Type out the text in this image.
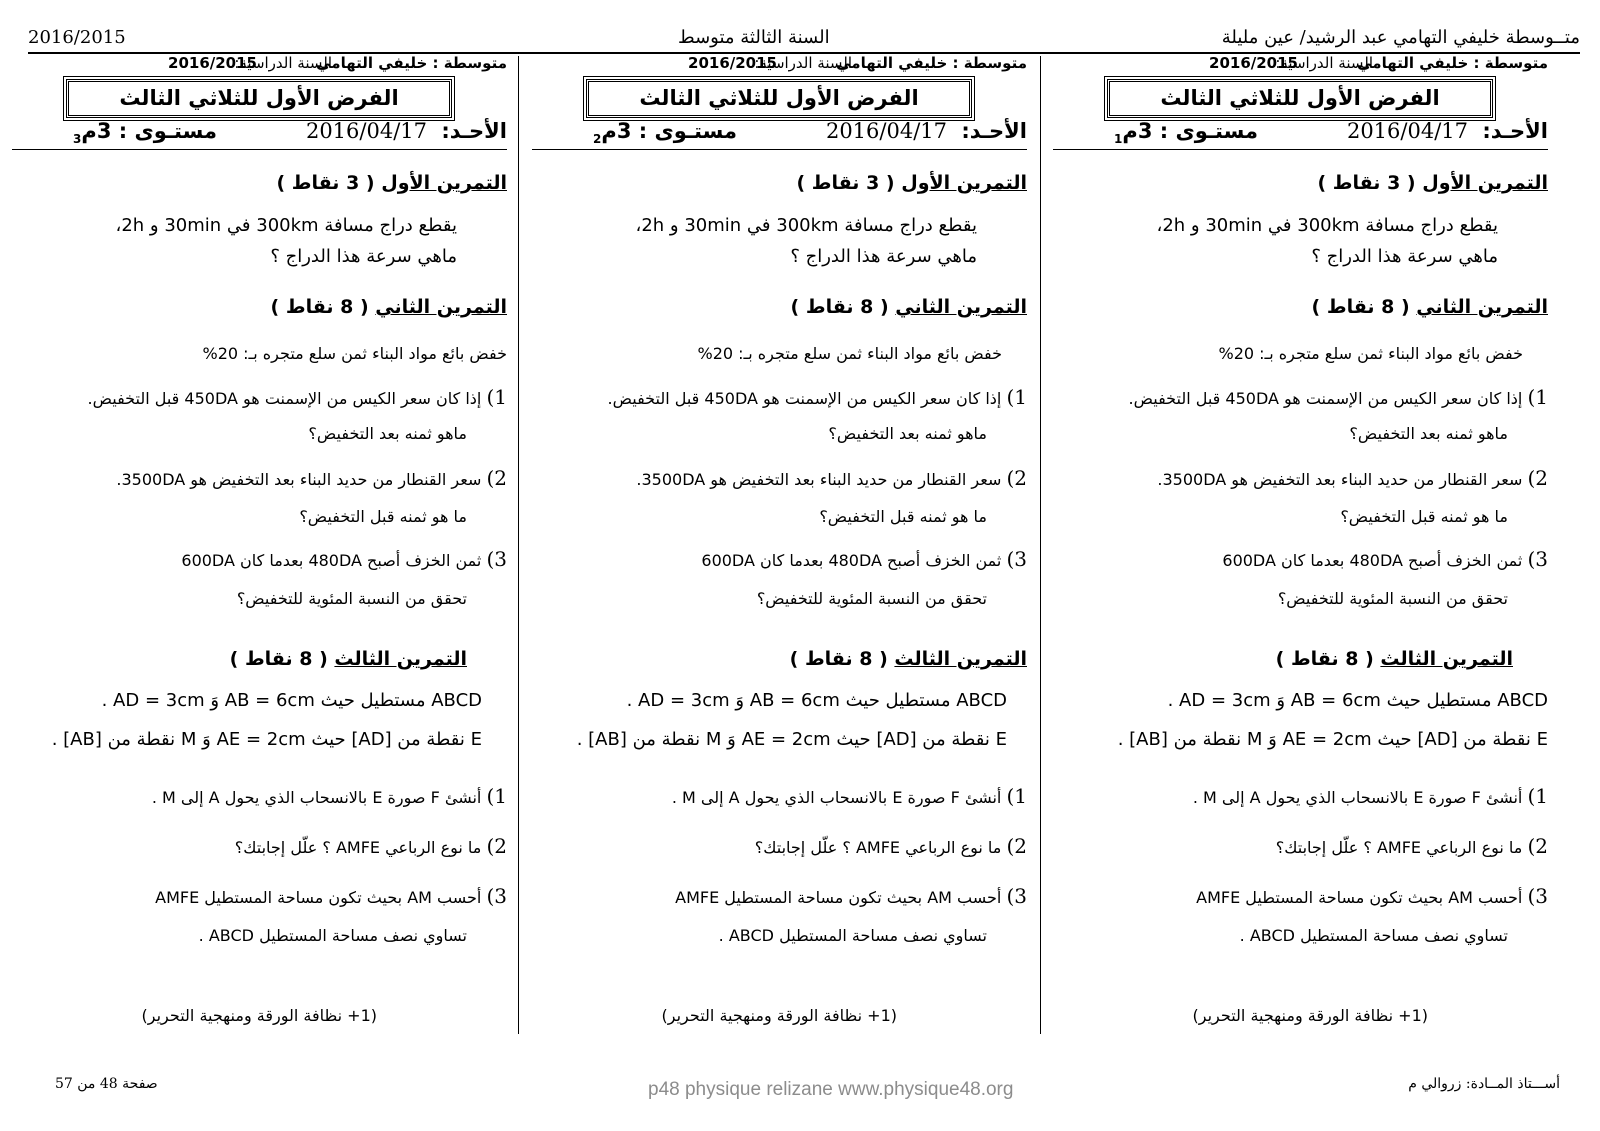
2016/2015	السنة الثالثة متوسط	متــوسطة خليفي التهامي عبد الرشيد/ عين مليلة
متوسطة : خليفي التهامي
السنة الدراسية:
2016/2015
الفرض الأول للثلاثي الثالث
الأحـد:
2016/04/17
مستـوى : 3م$_1$
التمرين الأول ( 3 نقاط )
يقطع دراج مسافة 300km في 30min و 2h،
ماهي سرعة هذا الدراج ؟
التمرين الثاني ( 8 نقاط )
خفض بائع مواد البناء ثمن سلع متجره بـ: 20%
1) إذا كان سعر الكيس من الإسمنت هو 450DA قبل التخفيض.
ماهو ثمنه بعد التخفيض؟
2) سعر القنطار من حديد البناء بعد التخفيض هو 3500DA.
ما هو ثمنه قبل التخفيض؟
3) ثمن الخزف أصبح 480DA بعدما كان 600DA
تحقق من النسبة المئوية للتخفيض؟
التمرين الثالث ( 8 نقاط )
ABCD مستطيل حيث AB = 6cm وَ AD = 3cm .
E نقطة من [AD] حيث AE = 2cm وَ M نقطة من [AB] .
1) أنشئ F صورة E بالانسحاب الذي يحول A إلى M .
2) ما نوع الرباعي AMFE ؟ علّل إجابتك؟
3) أحسب AM بحيث تكون مساحة المستطيل AMFE
تساوي نصف مساحة المستطيل ABCD .
(1+ نظافة الورقة ومنهجية التحرير)
متوسطة : خليفي التهامي
السنة الدراسية:
2016/2015
الفرض الأول للثلاثي الثالث
الأحـد:
2016/04/17
مستـوى : 3م$_2$
التمرين الأول ( 3 نقاط )
يقطع دراج مسافة 300km في 30min و 2h،
ماهي سرعة هذا الدراج ؟
التمرين الثاني ( 8 نقاط )
خفض بائع مواد البناء ثمن سلع متجره بـ: 20%
1) إذا كان سعر الكيس من الإسمنت هو 450DA قبل التخفيض.
ماهو ثمنه بعد التخفيض؟
2) سعر القنطار من حديد البناء بعد التخفيض هو 3500DA.
ما هو ثمنه قبل التخفيض؟
3) ثمن الخزف أصبح 480DA بعدما كان 600DA
تحقق من النسبة المئوية للتخفيض؟
التمرين الثالث ( 8 نقاط )
ABCD مستطيل حيث AB = 6cm وَ AD = 3cm .
E نقطة من [AD] حيث AE = 2cm وَ M نقطة من [AB] .
1) أنشئ F صورة E بالانسحاب الذي يحول A إلى M .
2) ما نوع الرباعي AMFE ؟ علّل إجابتك؟
3) أحسب AM بحيث تكون مساحة المستطيل AMFE
تساوي نصف مساحة المستطيل ABCD .
(1+ نظافة الورقة ومنهجية التحرير)
متوسطة : خليفي التهامي
السنة الدراسية:
2016/2015
الفرض الأول للثلاثي الثالث
الأحـد:
2016/04/17
مستـوى : 3م$_3$
التمرين الأول ( 3 نقاط )
يقطع دراج مسافة 300km في 30min و 2h،
ماهي سرعة هذا الدراج ؟
التمرين الثاني ( 8 نقاط )
خفض بائع مواد البناء ثمن سلع متجره بـ: 20%
1) إذا كان سعر الكيس من الإسمنت هو 450DA قبل التخفيض.
ماهو ثمنه بعد التخفيض؟
2) سعر القنطار من حديد البناء بعد التخفيض هو 3500DA.
ما هو ثمنه قبل التخفيض؟
3) ثمن الخزف أصبح 480DA بعدما كان 600DA
تحقق من النسبة المئوية للتخفيض؟
التمرين الثالث ( 8 نقاط )
ABCD مستطيل حيث AB = 6cm وَ AD = 3cm .
E نقطة من [AD] حيث AE = 2cm وَ M نقطة من [AB] .
1) أنشئ F صورة E بالانسحاب الذي يحول A إلى M .
2) ما نوع الرباعي AMFE ؟ علّل إجابتك؟
3) أحسب AM بحيث تكون مساحة المستطيل AMFE
تساوي نصف مساحة المستطيل ABCD .
(1+ نظافة الورقة ومنهجية التحرير)
صفحة 48 من 57	p48 physique relizane www.physique48.org	أســـتاذ المــادة: زروالي م
